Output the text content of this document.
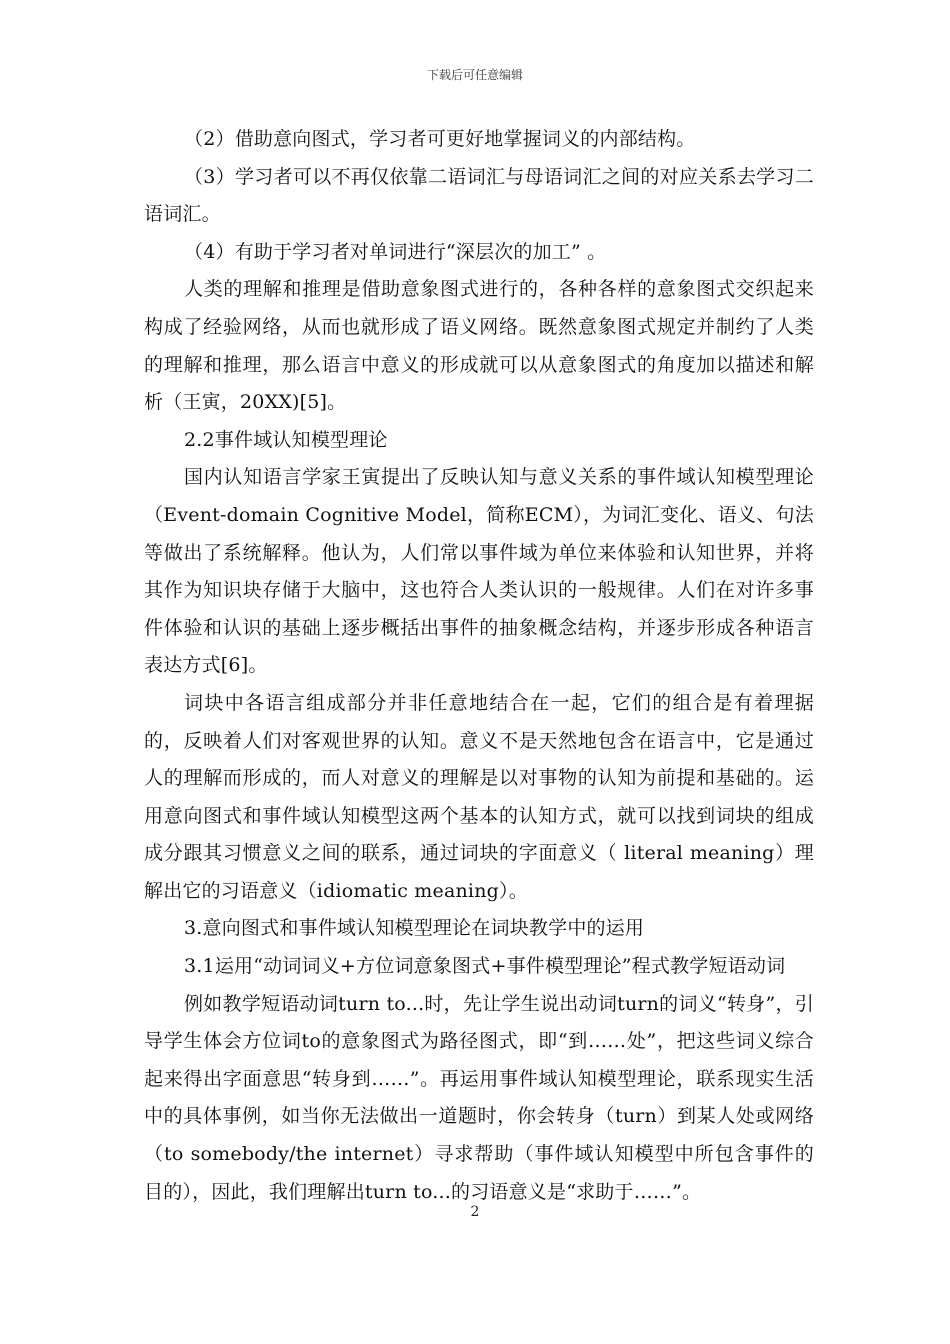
下载后可任意编辑

（2）借助意向图式，学习者可更好地掌握词义的内部结构。

（3）学习者可以不再仅依靠二语词汇与母语词汇之间的对应关系去学习二语词汇。

（4）有助于学习者对单词进行“深层次的加工” 。

人类的理解和推理是借助意象图式进行的，各种各样的意象图式交织起来构成了经验网络，从而也就形成了语义网络。既然意象图式规定并制约了人类的理解和推理，那么语言中意义的形成就可以从意象图式的角度加以描述和解析（王寅，20XX)[5]。

2.2事件域认知模型理论

国内认知语言学家王寅提出了反映认知与意义关系的事件域认知模型理论（Event-domain Cognitive Model，简称ECM），为词汇变化、语义、句法等做出了系统解释。他认为，人们常以事件域为单位来体验和认知世界，并将其作为知识块存储于大脑中，这也符合人类认识的一般规律。人们在对许多事件体验和认识的基础上逐步概括出事件的抽象概念结构，并逐步形成各种语言表达方式[6]。

词块中各语言组成部分并非任意地结合在一起，它们的组合是有着理据的，反映着人们对客观世界的认知。意义不是天然地包含在语言中，它是通过人的理解而形成的，而人对意义的理解是以对事物的认知为前提和基础的。运用意向图式和事件域认知模型这两个基本的认知方式，就可以找到词块的组成成分跟其习惯意义之间的联系，通过词块的字面意义（ literal meaning）理解出它的习语意义（idiomatic meaning）。

3.意向图式和事件域认知模型理论在词块教学中的运用

3.1运用“动词词义+方位词意象图式+事件模型理论”程式教学短语动词

例如教学短语动词turn to...时，先让学生说出动词turn的词义“转身”，引导学生体会方位词to的意象图式为路径图式，即“到……处”，把这些词义综合起来得出字面意思“转身到……”。再运用事件域认知模型理论，联系现实生活中的具体事例，如当你无法做出一道题时，你会转身（turn）到某人处或网络（to somebody/the internet）寻求帮助（事件域认知模型中所包含事件的目的），因此，我们理解出turn to...的习语意义是“求助于……”。

2
